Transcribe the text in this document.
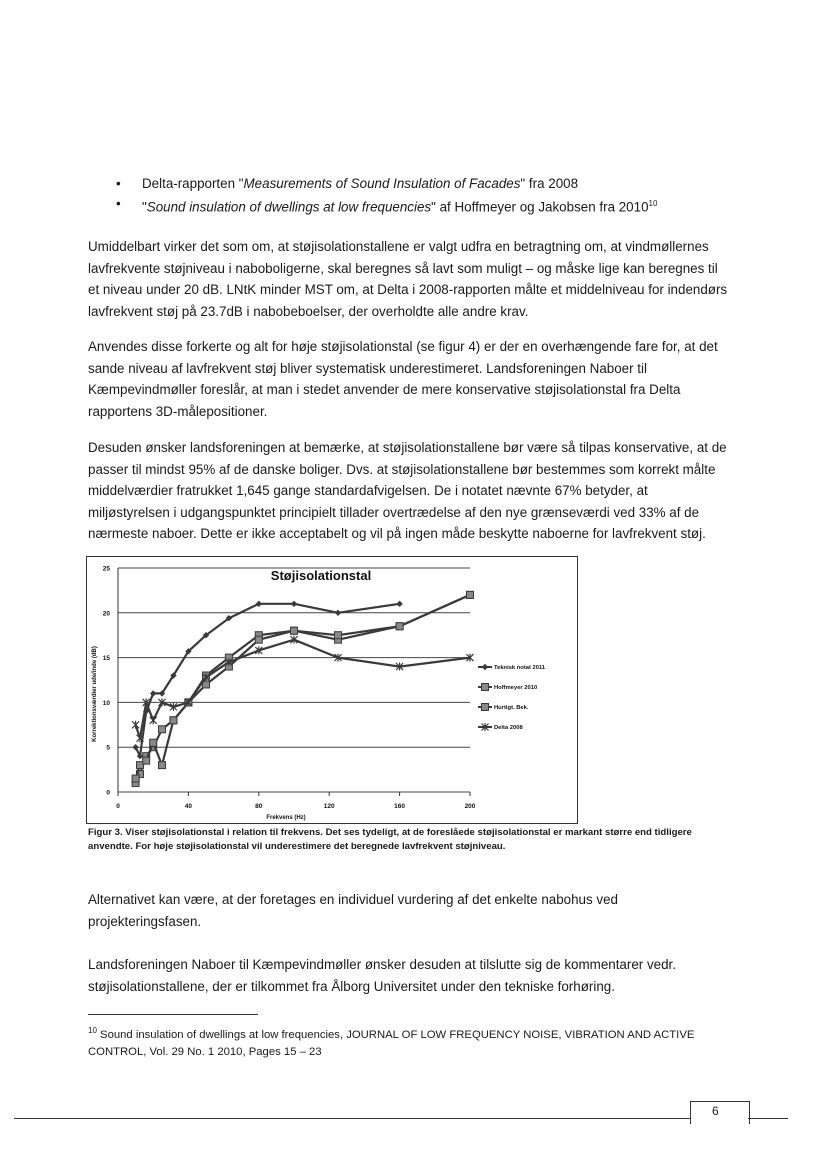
• Delta-rapporten "Measurements of Sound Insulation of Facades" fra 2008
• "Sound insulation of dwellings at low frequencies" af Hoffmeyer og Jakobsen fra 2010$^{10}$
Umiddelbart virker det som om, at støjisolationstallene er valgt udfra en betragtning om, at vindmøllernes lavfrekvente støjniveau i naboboligerne, skal beregnes så lavt som muligt – og måske lige kan beregnes til et niveau under 20 dB. LNtK minder MST om, at Delta i 2008-rapporten målte et middelniveau for indendørs lavfrekvent støj på 23.7dB i nabobeboelser, der overholdte alle andre krav.
Anvendes disse forkerte og alt for høje støjisolationstal (se figur 4) er der en overhængende fare for, at det sande niveau af lavfrekvent støj bliver systematisk underestimeret. Landsforeningen Naboer til Kæmpevindmøller foreslår, at man i stedet anvender de mere konservative støjisolationstal fra Delta rapportens 3D-målepositioner.
Desuden ønsker landsforeningen at bemærke, at støjisolationstallene bør være så tilpas konservative, at de passer til mindst 95% af de danske boliger. Dvs. at støjisolationstallene bør bestemmes som korrekt målte middelværdier fratrukket 1,645 gange standardafvigelsen. De i notatet nævnte 67% betyder, at miljøstyrelsen i udgangspunktet principielt tillader overtrædelse af den nye grænseværdi ved 33% af de nærmeste naboer. Dette er ikke acceptabelt og vil på ingen måde beskytte naboerne for lavfrekvent støj.
0
5
10
15
20
25
0	40	80	120	160	200
Teknisk notat 2011
Hoffmeyer 2010
Hurtigt. Bek.
Delta 2008
Støjisolationstal
Frekvens (Hz)
Korrektionsværdier ude/inde (dB)
Figur 3. Viser støjisolationstal i relation til frekvens. Det ses tydeligt, at de foreslåede støjisolationstal er markant større end tidligere anvendte. For høje støjisolationstal vil underestimere det beregnede lavfrekvent støjniveau.
Alternativet kan være, at der foretages en individuel vurdering af det enkelte nabohus ved projekteringsfasen.
Landsforeningen Naboer til Kæmpevindmøller ønsker desuden at tilslutte sig de kommentarer vedr. støjisolationstallene, der er tilkommet fra Ålborg Universitet under den tekniske forhøring.
$^{10}$ Sound insulation of dwellings at low frequencies, JOURNAL OF LOW FREQUENCY NOISE, VIBRATION AND ACTIVE CONTROL, Vol. 29 No. 1 2010, Pages 15 – 23
6
